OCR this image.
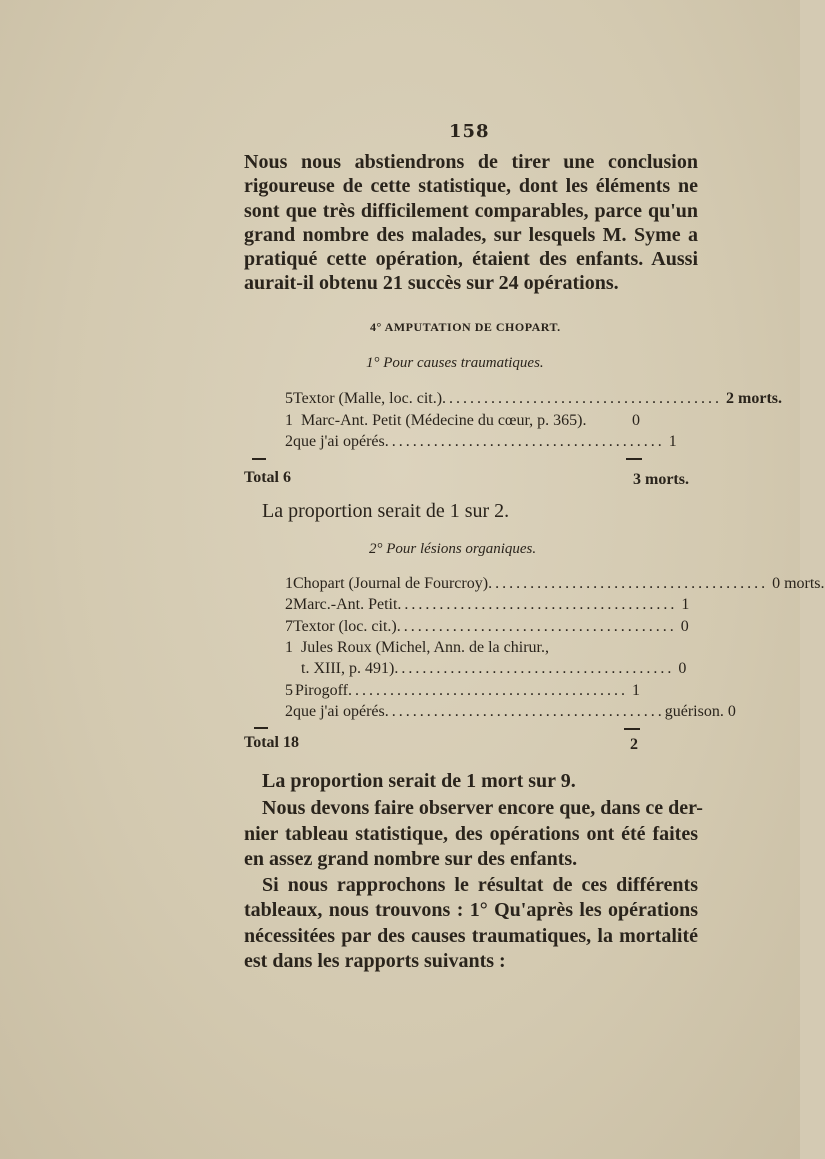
158
Nous nous abstiendrons de tirer une conclusion
rigoureuse de cette statistique, dont les éléments ne
sont que très difficilement comparables, parce qu'un
grand nombre des malades, sur lesquels M. Syme a
pratiqué cette opération, étaient des enfants. Aussi
aurait-il obtenu 21 succès sur 24 opérations.
4° AMPUTATION DE CHOPART.
1° Pour causes traumatiques.
5 Textor (Malle, loc. cit.) ........................................ 2 morts.
1 Marc-Ant. Petit (Médecine du cœur, p. 365).	0
2 que j'ai opérés ........................................ 1
Total 6	3 morts.
La proportion serait de 1 sur 2.
2° Pour lésions organiques.
1 Chopart (Journal de Fourcroy) ........................................ 0 morts.
2 Marc.-Ant. Petit ........................................ 1
7 Textor (loc. cit.) ........................................ 0
1 Jules Roux (Michel, Ann. de la chirur.,
t. XIII, p. 491) ........................................ 0
5 Pirogoff ........................................ 1
2 que j'ai opérés ........................................ guérison. 0
Total 18	2
La proportion serait de 1 mort sur 9.
Nous devons faire observer encore que, dans ce der-
nier tableau statistique, des opérations ont été faites
en assez grand nombre sur des enfants.
Si nous rapprochons le résultat de ces différents
tableaux, nous trouvons : 1° Qu'après les opérations
nécessitées par des causes traumatiques, la mortalité
est dans les rapports suivants :
